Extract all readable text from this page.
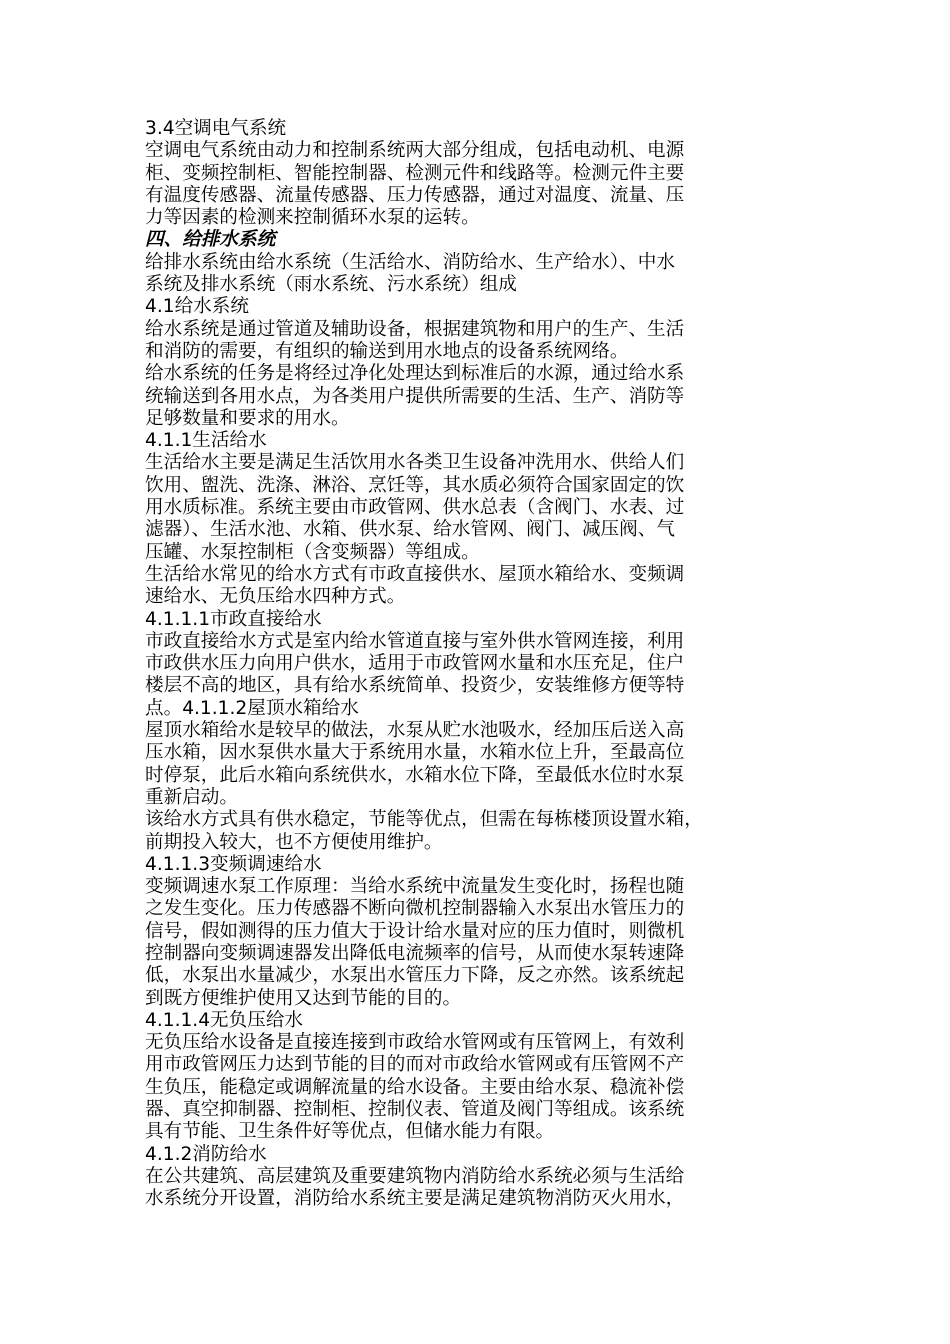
3.4空调电气系统

空调电气系统由动力和控制系统两大部分组成，包括电动机、电源

柜、变频控制柜、智能控制器、检测元件和线路等。检测元件主要

有温度传感器、流量传感器、压力传感器，通过对温度、流量、压

力等因素的检测来控制循环水泵的运转。

四、给排水系统

给排水系统由给水系统（生活给水、消防给水、生产给水）、中水

系统及排水系统（雨水系统、污水系统）组成

4.1给水系统

给水系统是通过管道及辅助设备，根据建筑物和用户的生产、生活

和消防的需要，有组织的输送到用水地点的设备系统网络。

给水系统的任务是将经过净化处理达到标准后的水源，通过给水系

统输送到各用水点，为各类用户提供所需要的生活、生产、消防等

足够数量和要求的用水。

4.1.1生活给水

生活给水主要是满足生活饮用水各类卫生设备冲洗用水、供给人们

饮用、盥洗、洗涤、淋浴、烹饪等，其水质必须符合国家固定的饮

用水质标准。系统主要由市政管网、供水总表（含阀门、水表、过

滤器）、生活水池、水箱、供水泵、给水管网、阀门、减压阀、气

压罐、水泵控制柜（含变频器）等组成。

生活给水常见的给水方式有市政直接供水、屋顶水箱给水、变频调

速给水、无负压给水四种方式。

4.1.1.1市政直接给水

市政直接给水方式是室内给水管道直接与室外供水管网连接，利用

市政供水压力向用户供水，适用于市政管网水量和水压充足，住户

楼层不高的地区，具有给水系统简单、投资少，安装维修方便等特

点。4.1.1.2屋顶水箱给水

屋顶水箱给水是较早的做法，水泵从贮水池吸水，经加压后送入高

压水箱，因水泵供水量大于系统用水量，水箱水位上升，至最高位

时停泵，此后水箱向系统供水，水箱水位下降，至最低水位时水泵

重新启动。

该给水方式具有供水稳定，节能等优点，但需在每栋楼顶设置水箱，

前期投入较大，也不方便使用维护。

4.1.1.3变频调速给水

变频调速水泵工作原理：当给水系统中流量发生变化时，扬程也随

之发生变化。压力传感器不断向微机控制器输入水泵出水管压力的

信号，假如测得的压力值大于设计给水量对应的压力值时，则微机

控制器向变频调速器发出降低电流频率的信号，从而使水泵转速降

低，水泵出水量减少，水泵出水管压力下降，反之亦然。该系统起

到既方便维护使用又达到节能的目的。

4.1.1.4无负压给水

无负压给水设备是直接连接到市政给水管网或有压管网上，有效利

用市政管网压力达到节能的目的而对市政给水管网或有压管网不产

生负压，能稳定或调解流量的给水设备。主要由给水泵、稳流补偿

器、真空抑制器、控制柜、控制仪表、管道及阀门等组成。该系统

具有节能、卫生条件好等优点，但储水能力有限。

4.1.2消防给水

在公共建筑、高层建筑及重要建筑物内消防给水系统必须与生活给

水系统分开设置，消防给水系统主要是满足建筑物消防灭火用水，
